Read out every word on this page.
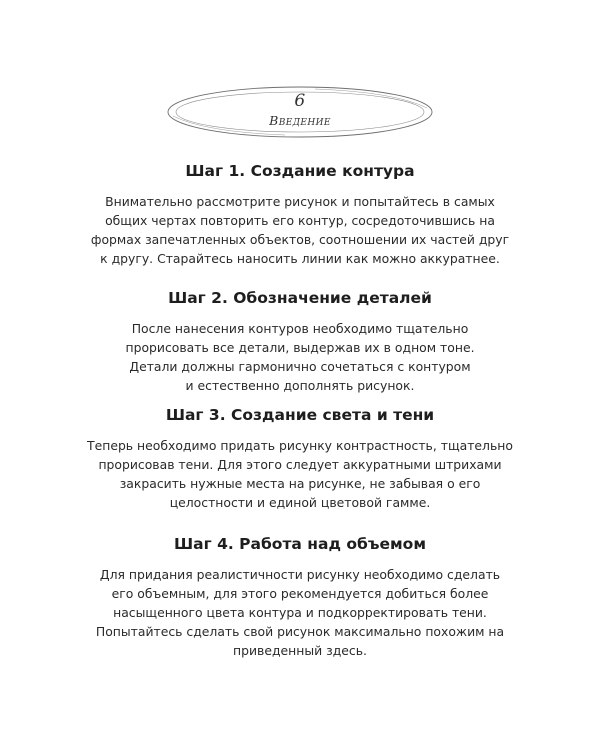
6
Введение
Шаг 1. Создание контура
Внимательно рассмотрите рисунок и попытайтесь в самых
общих чертах повторить его контур, сосредоточившись на
формах запечатленных объектов, соотношении их частей друг
к другу. Старайтесь наносить линии как можно аккуратнее.
Шаг 2. Обозначение деталей
После нанесения контуров необходимо тщательно
прорисовать все детали, выдержав их в одном тоне.
Детали должны гармонично сочетаться с контуром
и естественно дополнять рисунок.
Шаг 3. Создание света и тени
Теперь необходимо придать рисунку контрастность, тщательно
прорисовав тени. Для этого следует аккуратными штрихами
закрасить нужные места на рисунке, не забывая о его
целостности и единой цветовой гамме.
Шаг 4. Работа над объемом
Для придания реалистичности рисунку необходимо сделать
его объемным, для этого рекомендуется добиться более
насыщенного цвета контура и подкорректировать тени.
Попытайтесь сделать свой рисунок максимально похожим на
приведенный здесь.
